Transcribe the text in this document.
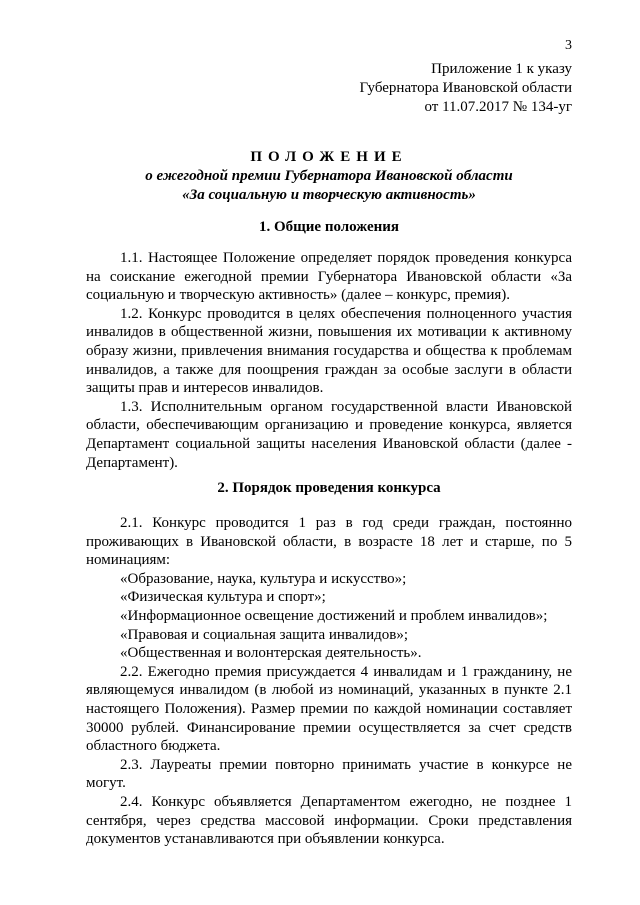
3
Приложение 1 к указу
Губернатора Ивановской области
от 11.07.2017 № 134-уг
ПОЛОЖЕНИЕ
о ежегодной премии Губернатора Ивановской области
«За социальную и творческую активность»
1. Общие положения

1.1. Настоящее Положение определяет порядок проведения конкурса на соискание ежегодной премии Губернатора Ивановской области «За социальную и творческую активность» (далее – конкурс, премия).

1.2. Конкурс проводится в целях обеспечения полноценного участия инвалидов в общественной жизни, повышения их мотивации к активному образу жизни, привлечения внимания государства и общества к проблемам инвалидов, а также для поощрения граждан за особые заслуги в области защиты прав и интересов инвалидов.

1.3. Исполнительным органом государственной власти Ивановской области, обеспечивающим организацию и проведение конкурса, является Департамент социальной защиты населения Ивановской области (далее - Департамент).

2. Порядок проведения конкурса

2.1. Конкурс проводится 1 раз в год среди граждан, постоянно проживающих в Ивановской области, в возрасте 18 лет и старше, по 5 номинациям:

«Образование, наука, культура и искусство»;

«Физическая культура и спорт»;

«Информационное освещение достижений и проблем инвалидов»;

«Правовая и социальная защита инвалидов»;

«Общественная и волонтерская деятельность».

2.2. Ежегодно премия присуждается 4 инвалидам и 1 гражданину, не являющемуся инвалидом (в любой из номинаций, указанных в пункте 2.1 настоящего Положения). Размер премии по каждой номинации составляет 30000 рублей. Финансирование премии осуществляется за счет средств областного бюджета.

2.3. Лауреаты премии повторно принимать участие в конкурсе не могут.

2.4. Конкурс объявляется Департаментом ежегодно, не позднее 1 сентября, через средства массовой информации. Сроки представления документов устанавливаются при объявлении конкурса.
